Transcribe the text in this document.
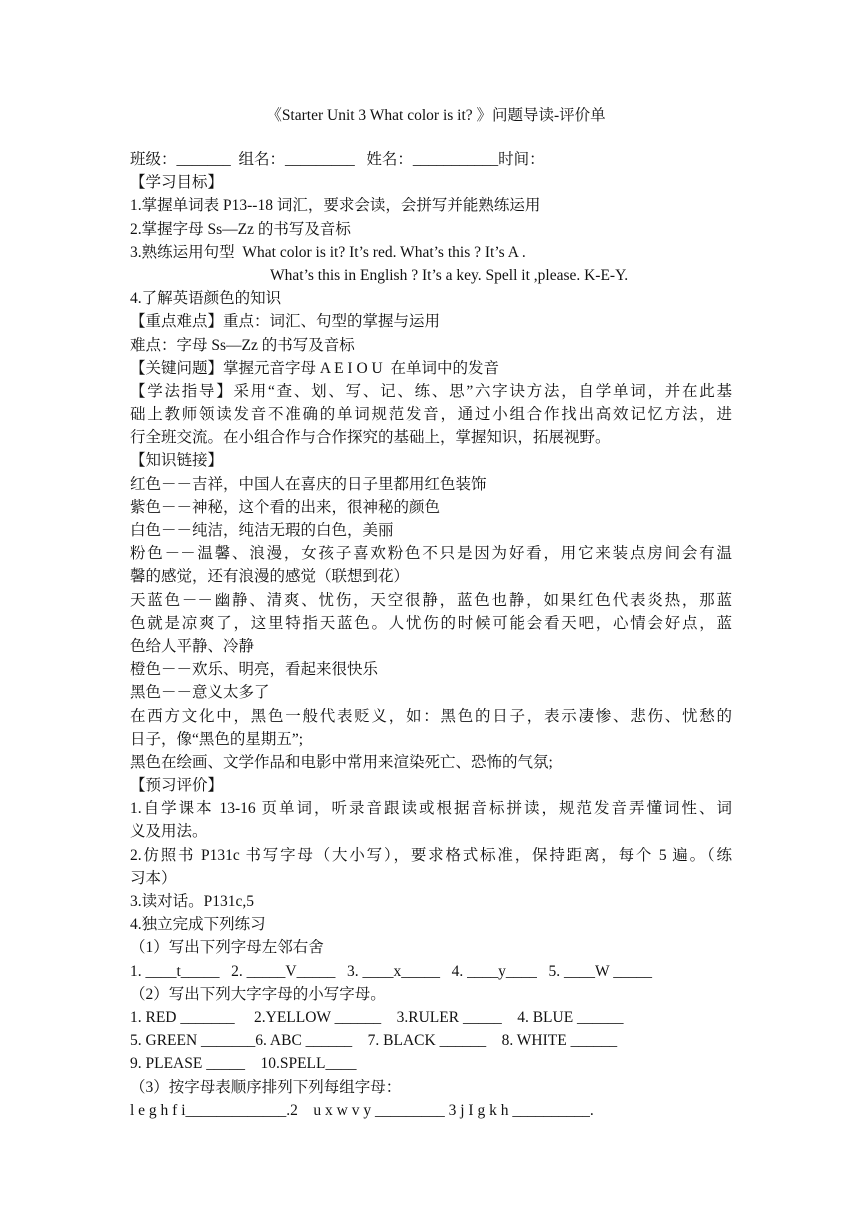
《Starter Unit 3 What color is it? 》问题导读-评价单
班级：_______  组名：_________   姓名：___________时间：
【学习目标】
1.掌握单词表 P13--18 词汇，要求会读，会拼写并能熟练运用
2.掌握字母 Ss—Zz 的书写及音标
3.熟练运用句型  What color is it? It’s red. What’s this ? It’s A .
What’s this in English ? It’s a key. Spell it ,please. K-E-Y.
4.了解英语颜色的知识
【重点难点】重点：词汇、句型的掌握与运用
难点：字母 Ss—Zz 的书写及音标
【关键问题】掌握元音字母 A E I O U  在单词中的发音
【学法指导】采用“查、划、写、记、练、思”六字诀方法，自学单词，并在此基
础上教师领读发音不准确的单词规范发音，通过小组合作找出高效记忆方法，进
行全班交流。在小组合作与合作探究的基础上，掌握知识，拓展视野。
【知识链接】
红色－－吉祥，中国人在喜庆的日子里都用红色装饰
紫色－－神秘，这个看的出来，很神秘的颜色
白色－－纯洁，纯洁无瑕的白色，美丽
粉色－－温馨、浪漫，女孩子喜欢粉色不只是因为好看，用它来装点房间会有温
馨的感觉，还有浪漫的感觉（联想到花）
天蓝色－－幽静、清爽、忧伤，天空很静，蓝色也静，如果红色代表炎热，那蓝
色就是凉爽了，这里特指天蓝色。人忧伤的时候可能会看天吧，心情会好点，蓝
色给人平静、冷静
橙色－－欢乐、明亮，看起来很快乐
黑色－－意义太多了
在西方文化中，黑色一般代表贬义，如：黑色的日子，表示凄惨、悲伤、忧愁的
日子，像“黑色的星期五”;
黑色在绘画、文学作品和电影中常用来渲染死亡、恐怖的气氛;
【预习评价】
1.自学课本 13-16 页单词，听录音跟读或根据音标拼读，规范发音弄懂词性、词
义及用法。
2.仿照书 P131c 书写字母（大小写），要求格式标准，保持距离，每个 5 遍。（练
习本）
3.读对话。P131c,5
4.独立完成下列练习
（1）写出下列字母左邻右舍
1. ____t_____   2. _____V_____   3. ____x_____   4. ____y____   5. ____W _____
（2）写出下列大字字母的小写字母。
1. RED _______     2.YELLOW ______    3.RULER _____    4. BLUE ______
5. GREEN _______6. ABC ______    7. BLACK ______    8. WHITE ______
9. PLEASE _____    10.SPELL____
（3）按字母表顺序排列下列每组字母：
l e g h f i_____________.2    u x w v y _________ 3 j I g k h __________.
